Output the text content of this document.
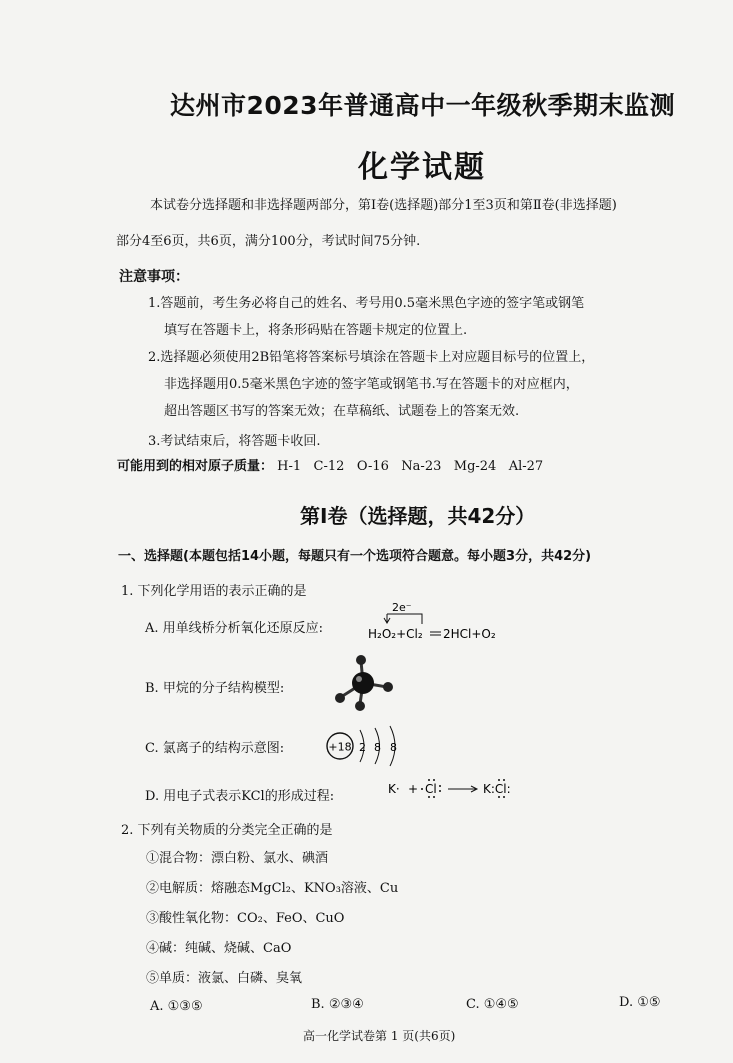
达州市2023年普通高中一年级秋季期末监测
化学试题
本试卷分选择题和非选择题两部分，第Ⅰ卷(选择题)部分1至3页和第Ⅱ卷(非选择题)
部分4至6页，共6页，满分100分，考试时间75分钟.
注意事项：
1.答题前，考生务必将自己的姓名、考号用0.5毫米黑色字迹的签字笔或钢笔
填写在答题卡上，将条形码贴在答题卡规定的位置上.
2.选择题必须使用2B铅笔将答案标号填涂在答题卡上对应题目标号的位置上，
非选择题用0.5毫米黑色字迹的签字笔或钢笔书.写在答题卡的对应框内，
超出答题区书写的答案无效；在草稿纸、试题卷上的答案无效.
3.考试结束后，将答题卡收回.
可能用到的相对原子质量： H-1   C-12   O-16   Na-23   Mg-24   Al-27
第Ⅰ卷（选择题，共42分）
一、选择题(本题包括14小题，每题只有一个选项符合题意。每小题3分，共42分)
1. 下列化学用语的表示正确的是
A. 用单线桥分析氧化还原反应:
2e⁻
H₂O₂+Cl₂ 2HCl+O₂
B. 甲烷的分子结构模型:
C. 氯离子的结构示意图:	+18 2 8 8
D. 用电子式表示KCl的形成过程:	K· + Cl	K:Cl:
2. 下列有关物质的分类完全正确的是
①混合物：漂白粉、氯水、碘酒
②电解质：熔融态MgCl₂、KNO₃溶液、Cu
③酸性氧化物：CO₂、FeO、CuO
④碱：纯碱、烧碱、CaO
⑤单质：液氯、白磷、臭氧
A. ①③⑤	B. ②③④	C. ①④⑤	D. ①⑤
高一化学试卷第 1 页(共6页)
